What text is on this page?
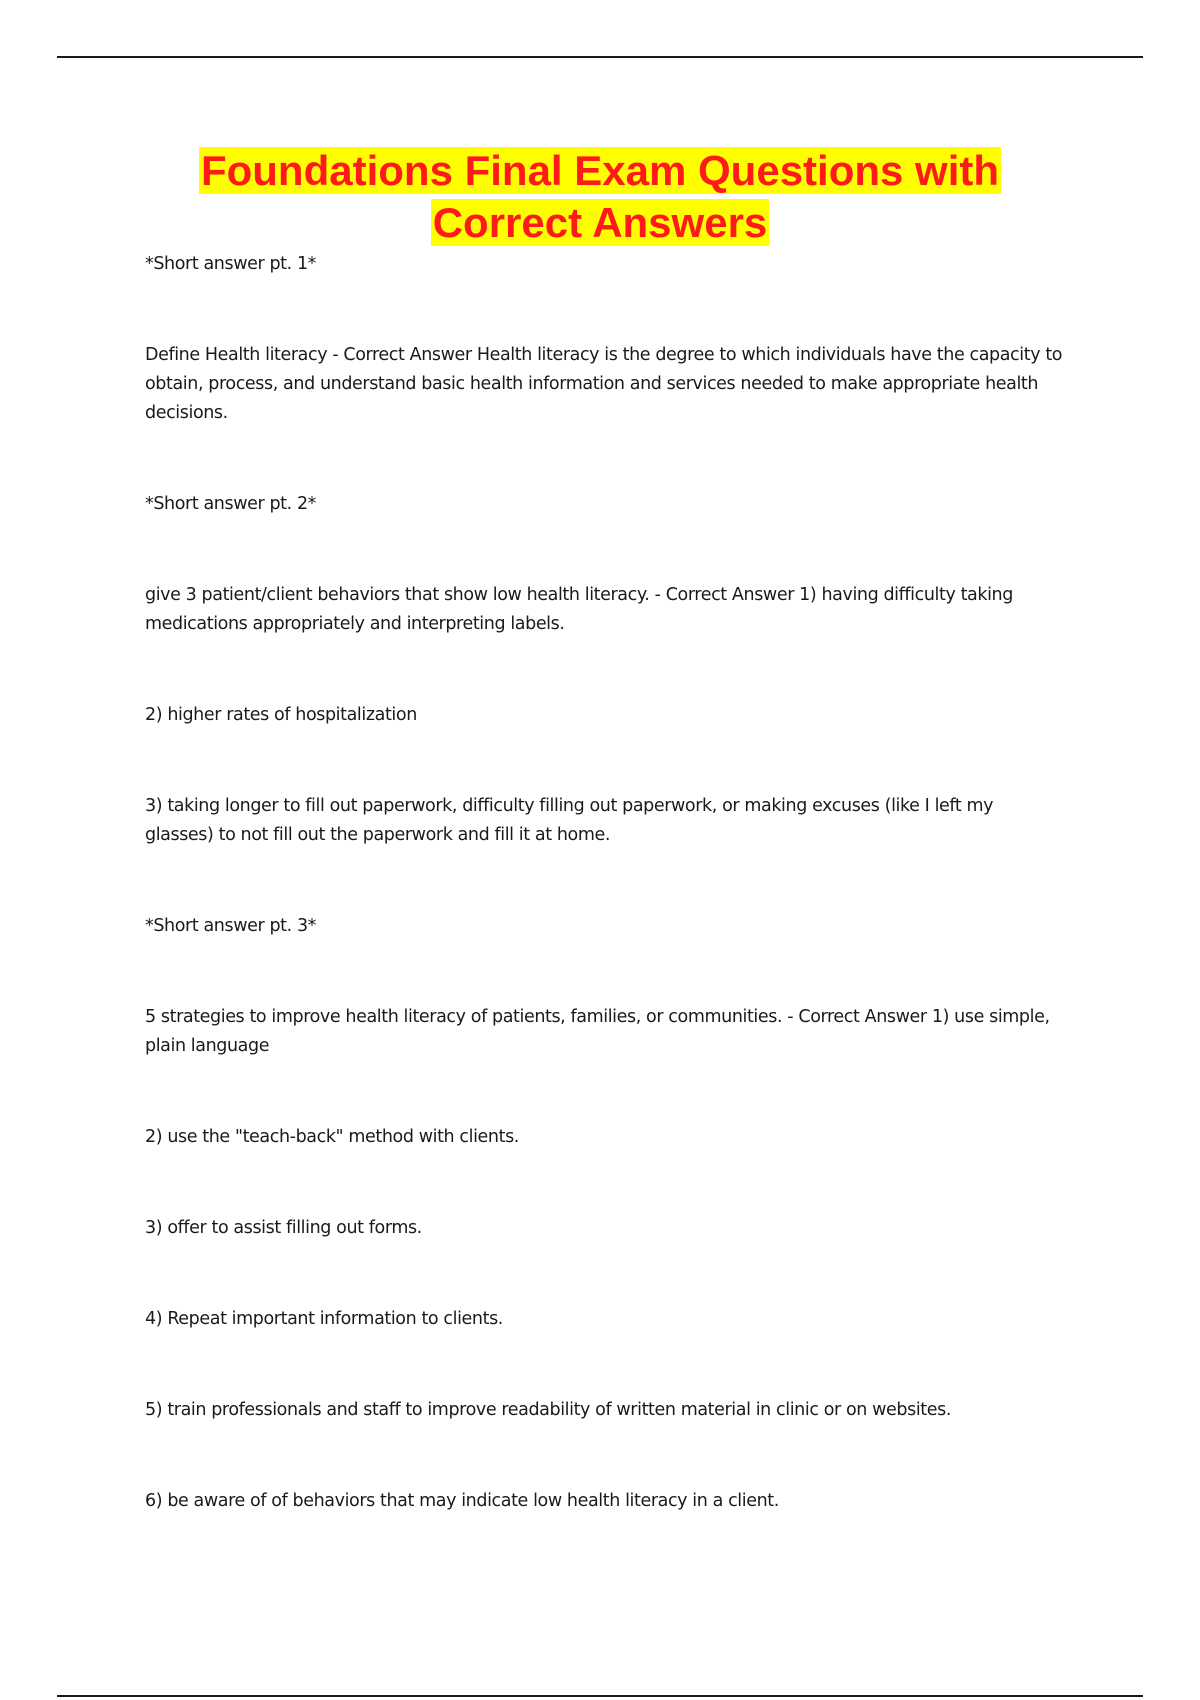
Foundations Final Exam Questions with
Correct Answers

*Short answer pt. 1*

Define Health literacy - Correct Answer Health literacy is the degree to which individuals have the capacity to obtain, process, and understand basic health information and services needed to make appropriate health decisions.

*Short answer pt. 2*

give 3 patient/client behaviors that show low health literacy. - Correct Answer 1) having difficulty taking medications appropriately and interpreting labels.

2) higher rates of hospitalization

3) taking longer to fill out paperwork, difficulty filling out paperwork, or making excuses (like I left my glasses) to not fill out the paperwork and fill it at home.

*Short answer pt. 3*

5 strategies to improve health literacy of patients, families, or communities. - Correct Answer 1) use simple, plain language

2) use the "teach-back" method with clients.

3) offer to assist filling out forms.

4) Repeat important information to clients.

5) train professionals and staff to improve readability of written material in clinic or on websites.

6) be aware of of behaviors that may indicate low health literacy in a client.
